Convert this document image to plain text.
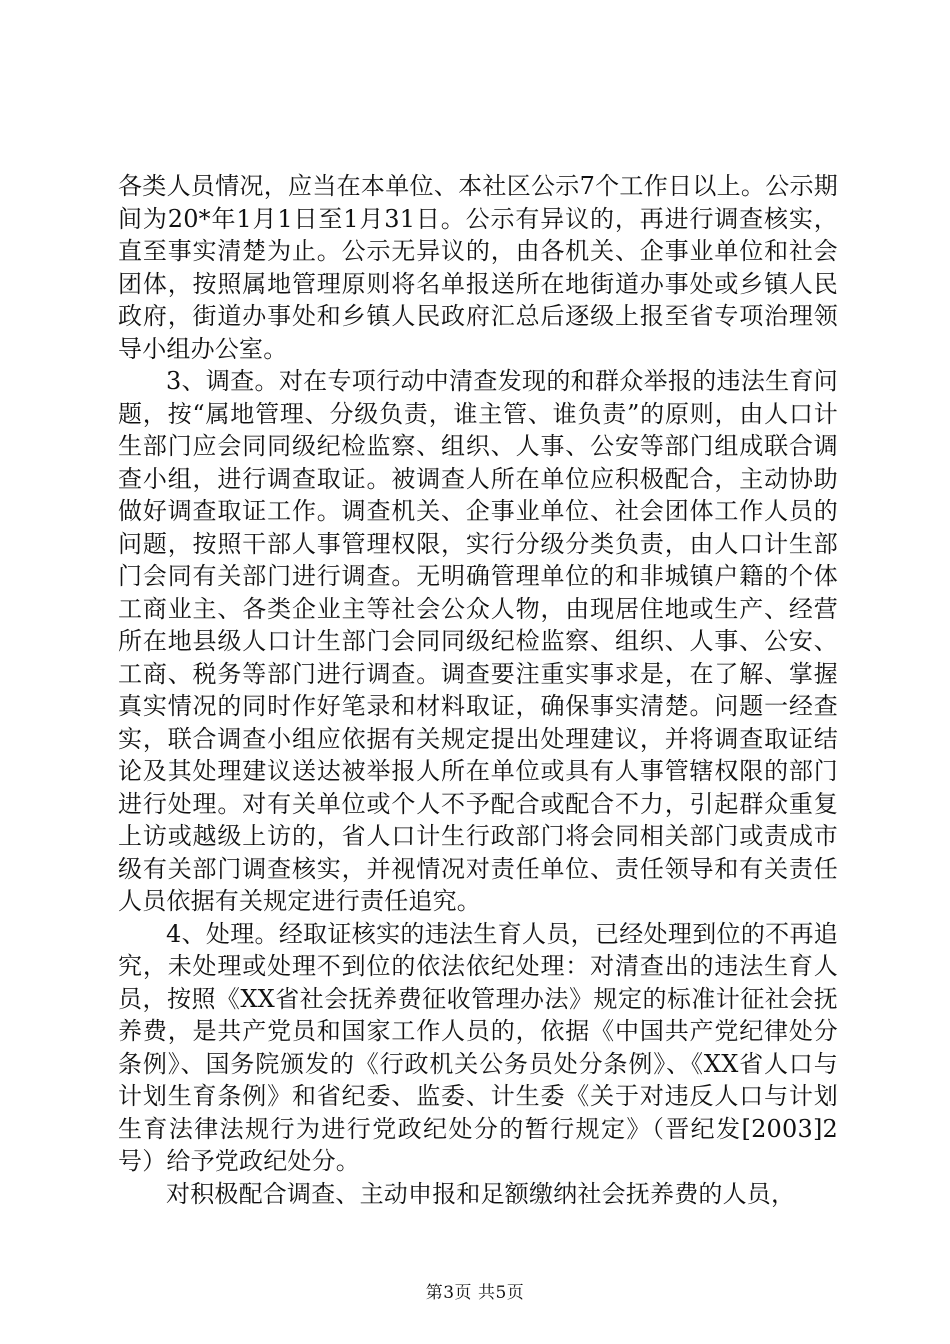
各类人员情况，应当在本单位、本社区公示7个工作日以上。公示期间为20*年1月1日至1月31日。公示有异议的，再进行调查核实，直至事实清楚为止。公示无异议的，由各机关、企事业单位和社会团体，按照属地管理原则将名单报送所在地街道办事处或乡镇人民政府，街道办事处和乡镇人民政府汇总后逐级上报至省专项治理领导小组办公室。

3、调查。对在专项行动中清查发现的和群众举报的违法生育问题，按“属地管理、分级负责，谁主管、谁负责”的原则，由人口计生部门应会同同级纪检监察、组织、人事、公安等部门组成联合调查小组，进行调查取证。被调查人所在单位应积极配合，主动协助做好调查取证工作。调查机关、企事业单位、社会团体工作人员的问题，按照干部人事管理权限，实行分级分类负责，由人口计生部门会同有关部门进行调查。无明确管理单位的和非城镇户籍的个体工商业主、各类企业主等社会公众人物，由现居住地或生产、经营所在地县级人口计生部门会同同级纪检监察、组织、人事、公安、工商、税务等部门进行调查。调查要注重实事求是，在了解、掌握真实情况的同时作好笔录和材料取证，确保事实清楚。问题一经查实，联合调查小组应依据有关规定提出处理建议，并将调查取证结论及其处理建议送达被举报人所在单位或具有人事管辖权限的部门进行处理。对有关单位或个人不予配合或配合不力，引起群众重复上访或越级上访的，省人口计生行政部门将会同相关部门或责成市级有关部门调查核实，并视情况对责任单位、责任领导和有关责任人员依据有关规定进行责任追究。

4、处理。经取证核实的违法生育人员，已经处理到位的不再追究，未处理或处理不到位的依法依纪处理：对清查出的违法生育人员，按照《XX省社会抚养费征收管理办法》规定的标准计征社会抚养费，是共产党员和国家工作人员的，依据《中国共产党纪律处分条例》、国务院颁发的《行政机关公务员处分条例》、《XX省人口与计划生育条例》和省纪委、监委、计生委《关于对违反人口与计划生育法律法规行为进行党政纪处分的暂行规定》（晋纪发[2003]2号）给予党政纪处分。

对积极配合调查、主动申报和足额缴纳社会抚养费的人员，

第3页 共5页
